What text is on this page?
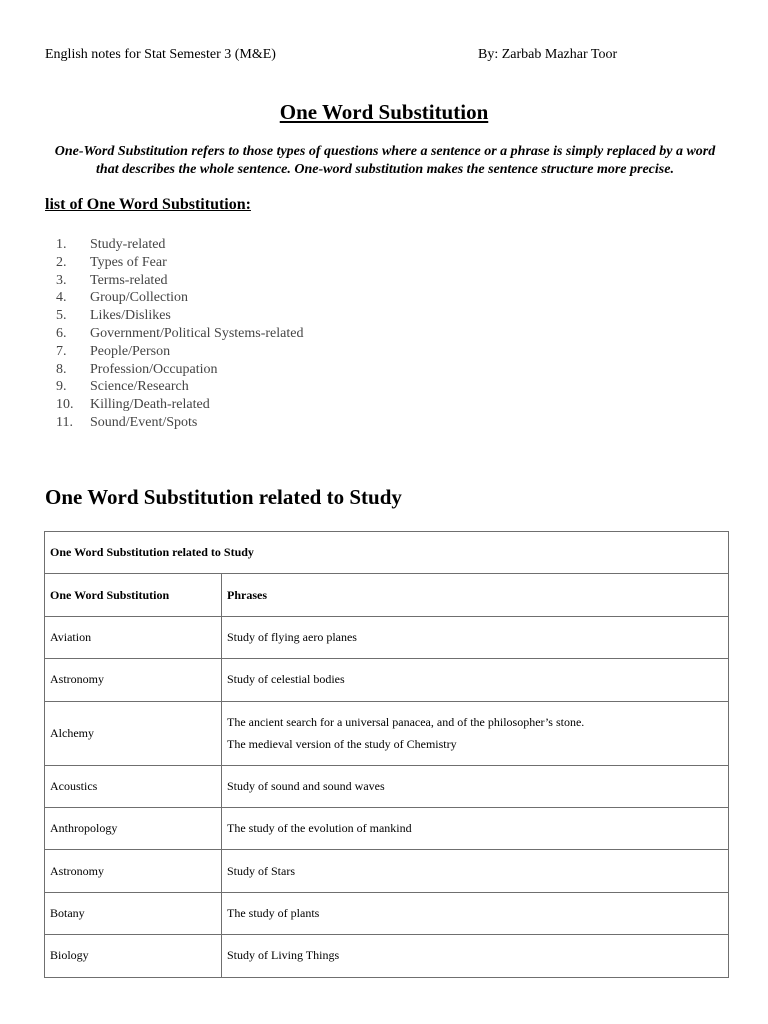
English notes for Stat Semester 3 (M&E)	By: Zarbab Mazhar Toor
One Word Substitution
One-Word Substitution refers to those types of questions where a sentence or a phrase is simply replaced by a word that describes the whole sentence. One-word substitution makes the sentence structure more precise.
list of One Word Substitution:
1. Study-related
2. Types of Fear
3. Terms-related
4. Group/Collection
5. Likes/Dislikes
6. Government/Political Systems-related
7. People/Person
8. Profession/Occupation
9. Science/Research
10. Killing/Death-related
11. Sound/Event/Spots
One Word Substitution related to Study
One Word Substitution related to Study	
One Word Substitution	Phrases
Aviation	Study of flying aero planes
Astronomy	Study of celestial bodies
Alchemy	The ancient search for a universal panacea, and of the philosopher’s stone.
The medieval version of the study of Chemistry

Acoustics	Study of sound and sound waves
Anthropology	The study of the evolution of mankind
Astronomy	Study of Stars
Botany	The study of plants
Biology	Study of Living Things
